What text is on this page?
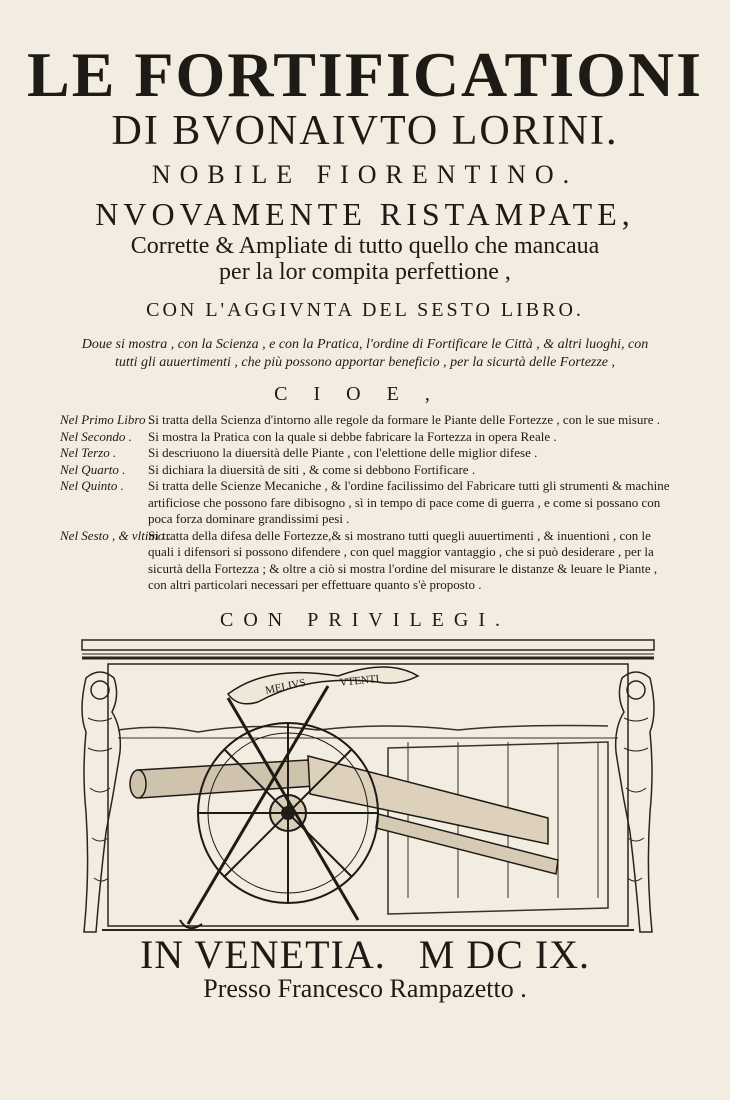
LE FORTIFICATIONI
DI BVONAIVTO LORINI.
NOBILE FIORENTINO.
NVOVAMENTE RISTAMPATE,
Corrette & Ampliate di tutto quello che mancaua
per la lor compita perfettione ,
CON L'AGGIVNTA DEL SESTO LIBRO.
Doue si mostra , con la Scienza , e con la Pratica, l'ordine di Fortificare le Città , & altri luoghi, con
tutti gli auuertimenti , che più possono apportar beneficio , per la sicurtà delle Fortezze ,
CIOE,
Nel Primo Libro .
Si tratta della Scienza d'intorno alle regole da formare le Piante delle Fortezze , con le sue misure .
Nel Secondo . Si mostra la Pratica con la quale si debbe fabricare la Fortezza in opera Reale .
Nel Terzo . Si descriuono la diuersità delle Piante , con l'elettione delle miglior difese .
Nel Quarto . Si dichiara la diuersità de siti , & come si debbono Fortificare .
Nel Quinto . Si tratta delle Scienze Mecaniche , & l'ordine facilissimo del Fabricare tutti gli strumenti & machine artificiose che possono fare dibisogno , sì in tempo di pace come di guerra , e come si possano con poca forza dominare grandissimi pesi .
Nel Sesto , & vltimo .
Si tratta della difesa delle Fortezze,& si mostrano tutti quegli auuertimenti , & inuentioni , con le quali i difensori si possono difendere , con quel maggior vantaggio , che si può desiderare , per la sicurtà della Fortezza ; & oltre a ciò si mostra l'ordine del misurare le distanze & leuare le Piante , con altri particolari necessari per effettuare quanto s'è proposto .
CON PRIVILEGI.
MELIVS	VTENTI
IN VENETIA.   M DC IX.
Presso Francesco Rampazetto .
